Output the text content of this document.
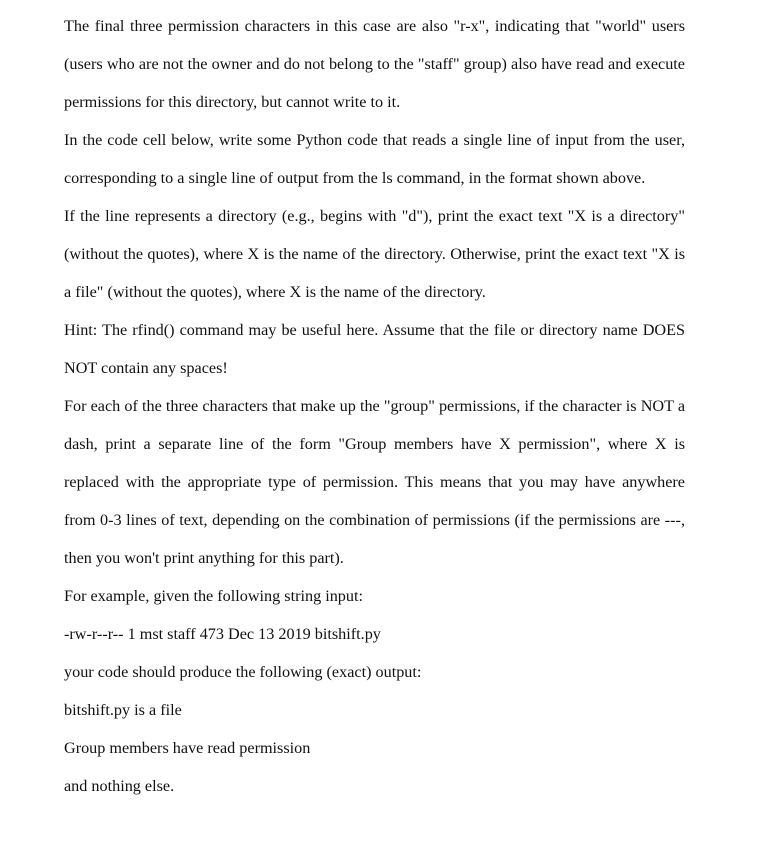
The final three permission characters in this case are also "r-x", indicating that "world" users (users who are not the owner and do not belong to the "staff" group) also have read and execute permissions for this directory, but cannot write to it.

In the code cell below, write some Python code that reads a single line of input from the user, corresponding to a single line of output from the ls command, in the format shown above.

If the line represents a directory (e.g., begins with "d"), print the exact text "X is a directory" (without the quotes), where X is the name of the directory. Otherwise, print the exact text "X is a file" (without the quotes), where X is the name of the directory.

Hint: The rfind() command may be useful here. Assume that the file or directory name DOES NOT contain any spaces!

For each of the three characters that make up the "group" permissions, if the character is NOT a dash, print a separate line of the form "Group members have X permission", where X is replaced with the appropriate type of permission. This means that you may have anywhere from 0-3 lines of text, depending on the combination of permissions (if the permissions are ---, then you won't print anything for this part).

For example, given the following string input:

-rw-r--r-- 1 mst staff 473 Dec 13 2019 bitshift.py

your code should produce the following (exact) output:

bitshift.py is a file

Group members have read permission

and nothing else.
